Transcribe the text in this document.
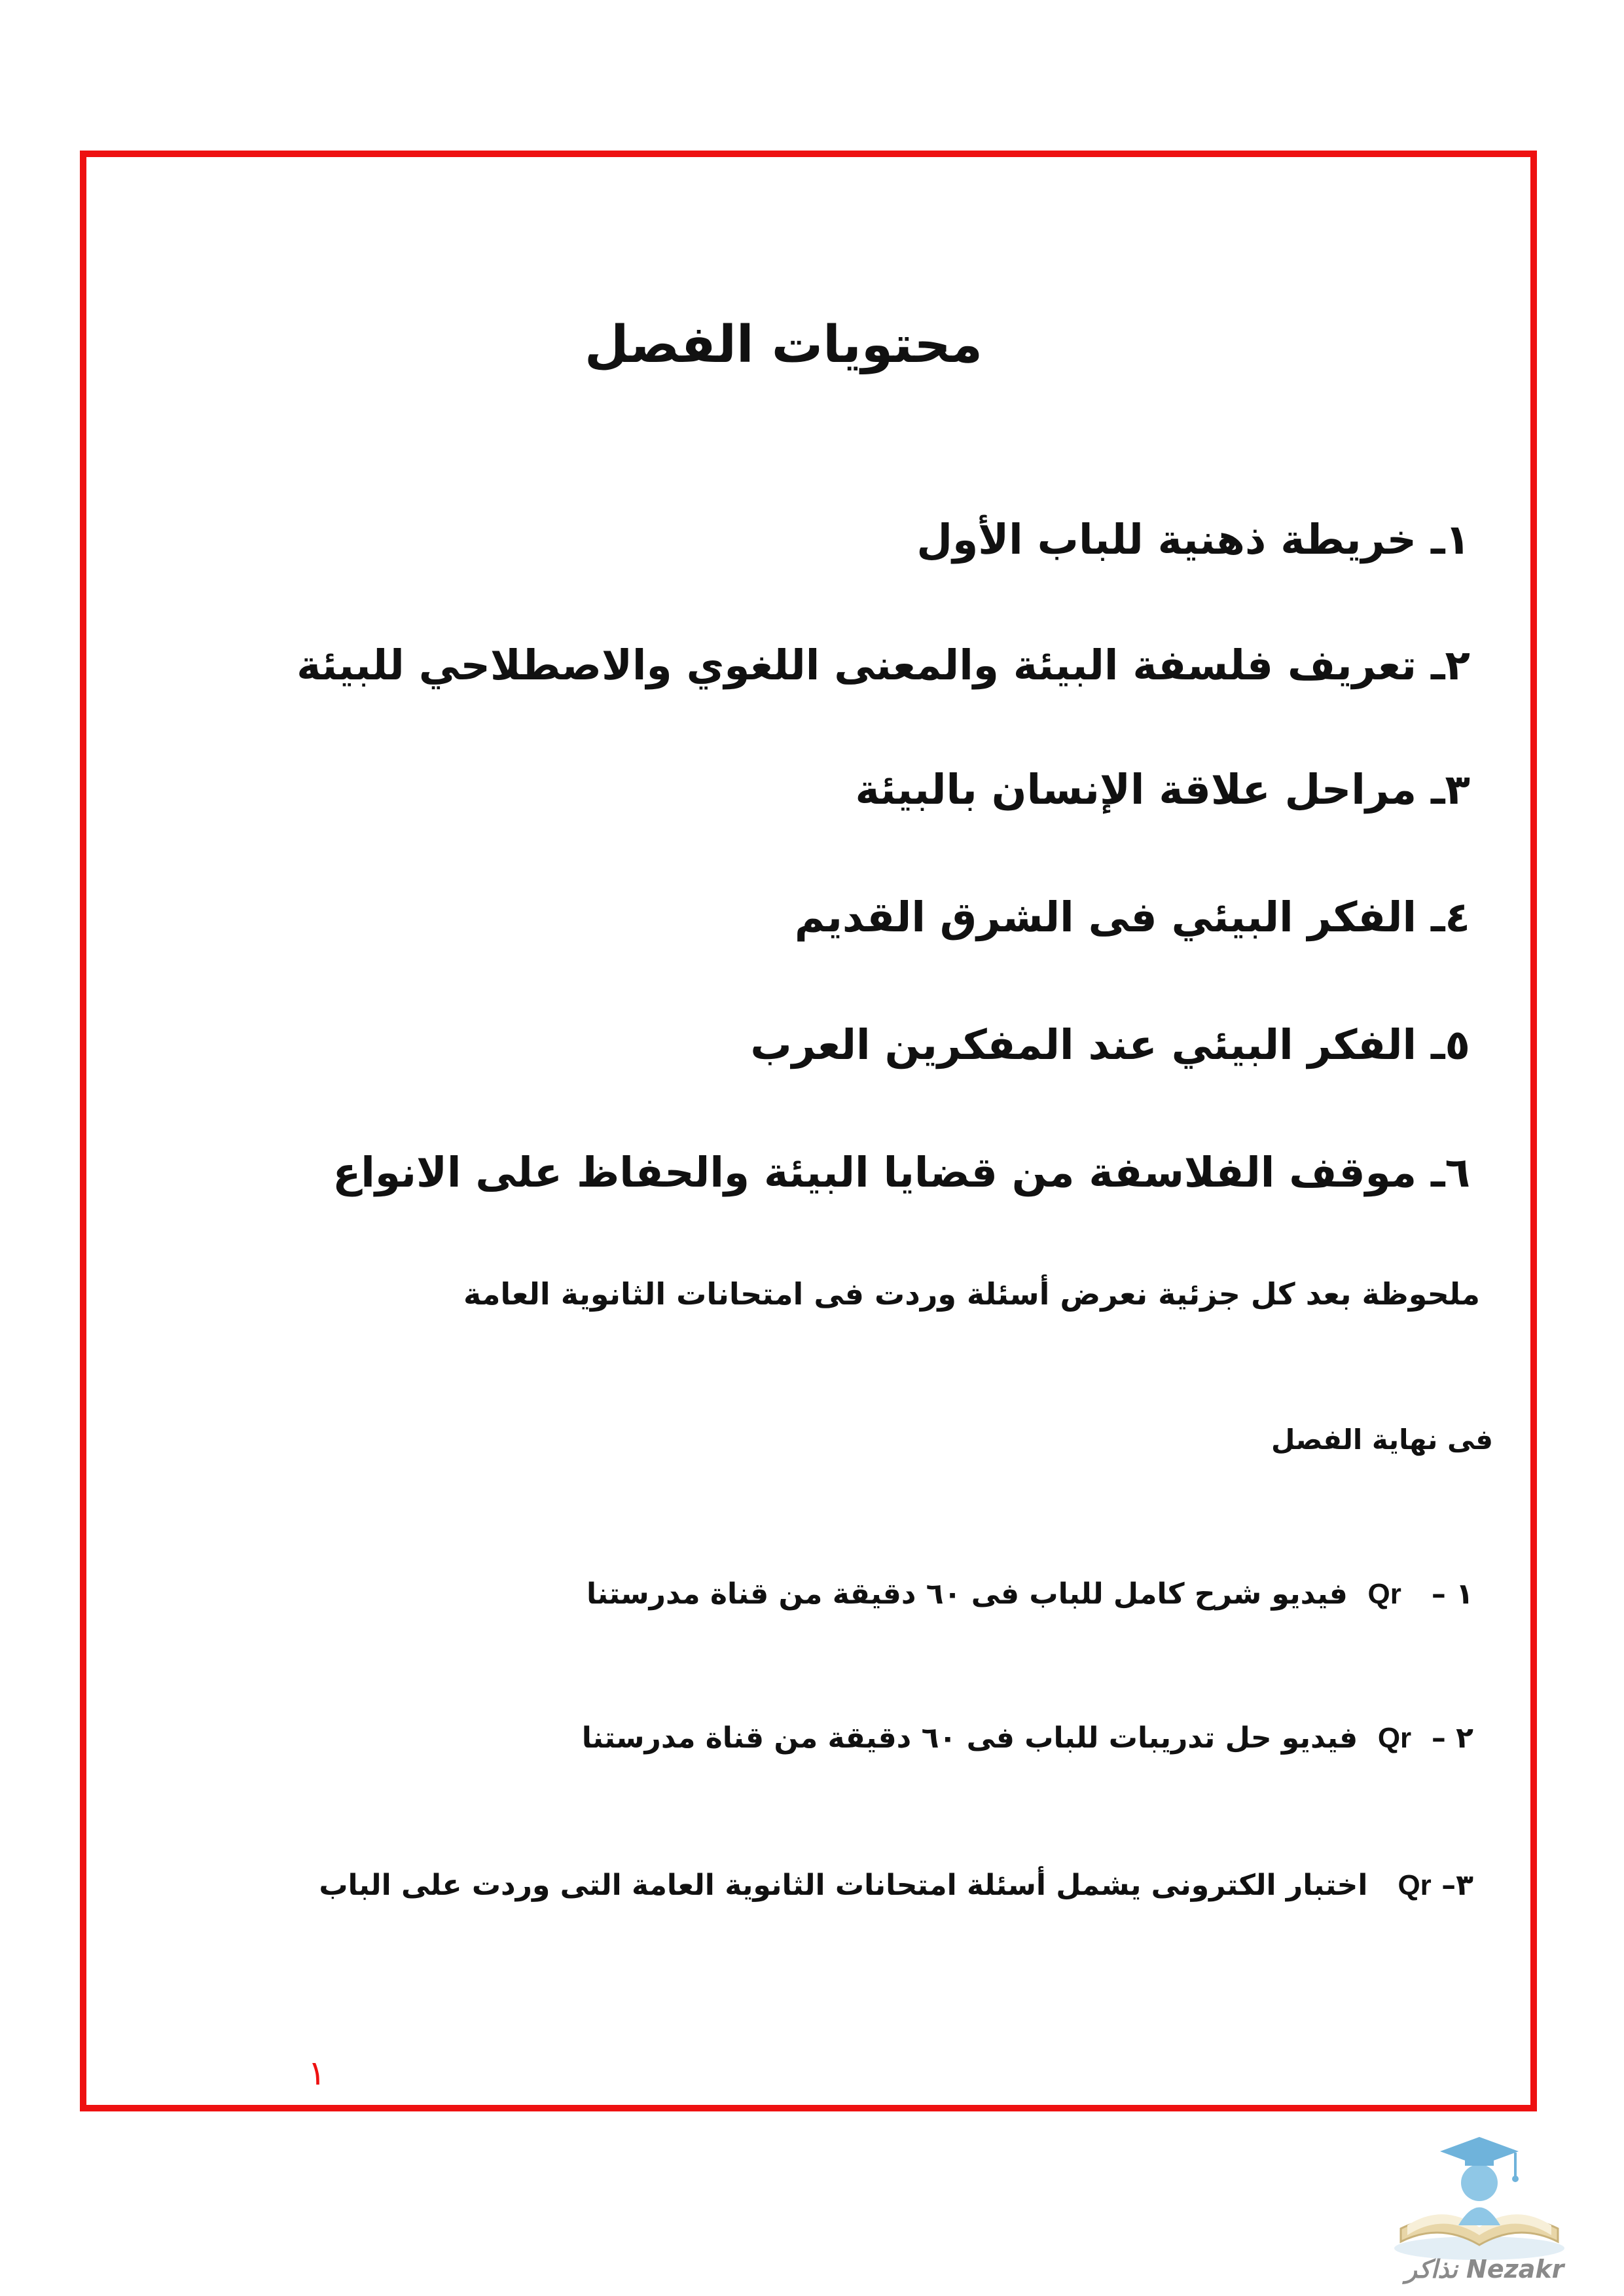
محتويات الفصل
١ـ خريطة ذهنية للباب الأول
٢ـ تعريف فلسفة البيئة والمعنى اللغوي والاصطلاحي للبيئة
٣ـ مراحل علاقة الإنسان بالبيئة
٤ـ الفكر البيئي فى الشرق القديم
٥ـ الفكر البيئي عند المفكرين العرب
٦ـ موقف الفلاسفة من قضايا البيئة والحفاظ على الانواع
ملحوظة بعد كل جزئية نعرض أسئلة وردت فى امتحانات الثانوية العامة
فى نهاية الفصل
١ –   Qr  فيديو شرح كامل للباب فى ٦٠ دقيقة من قناة مدرستنا
٢ –  Qr  فيديو حل تدريبات للباب فى ٦٠ دقيقة من قناة مدرستنا
٣– Qr   اختبار الكترونى يشمل أسئلة امتحانات الثانوية العامة التى وردت على الباب
١
نذاكر Nezakr
